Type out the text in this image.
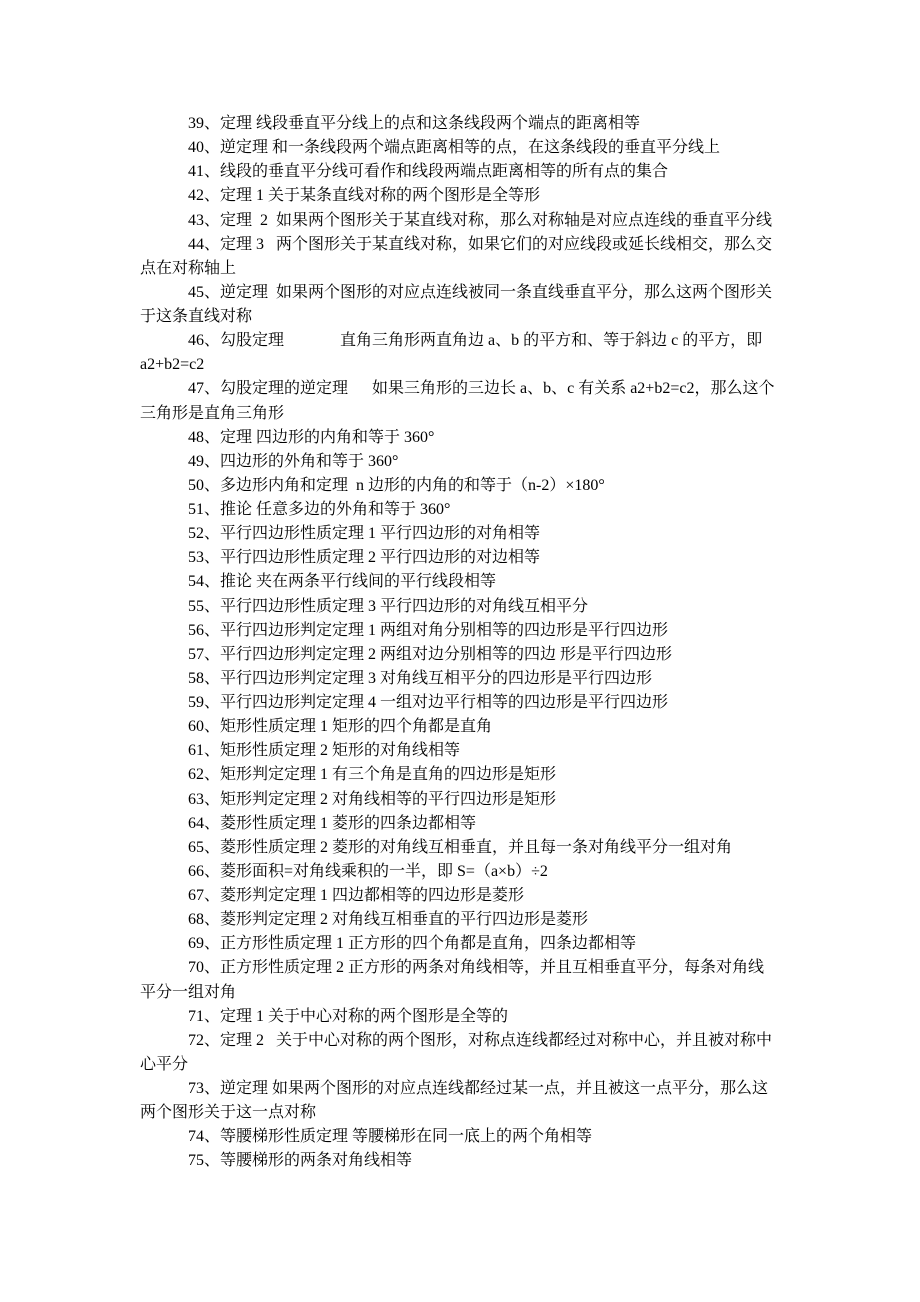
39、定理 线段垂直平分线上的点和这条线段两个端点的距离相等
40、逆定理 和一条线段两个端点距离相等的点，在这条线段的垂直平分线上
41、线段的垂直平分线可看作和线段两端点距离相等的所有点的集合
42、定理 1 关于某条直线对称的两个图形是全等形
43、定理  2  如果两个图形关于某直线对称，那么对称轴是对应点连线的垂直平分线
44、定理 3   两个图形关于某直线对称，如果它们的对应线段或延长线相交，那么交
点在对称轴上
45、逆定理  如果两个图形的对应点连线被同一条直线垂直平分，那么这两个图形关
于这条直线对称
46、勾股定理              直角三角形两直角边 a、b 的平方和、等于斜边 c 的平方，即
a2+b2=c2
47、勾股定理的逆定理      如果三角形的三边长 a、b、c 有关系 a2+b2=c2，那么这个
三角形是直角三角形
48、定理 四边形的内角和等于 360°
49、四边形的外角和等于 360°
50、多边形内角和定理  n 边形的内角的和等于（n-2）×180°
51、推论 任意多边的外角和等于 360°
52、平行四边形性质定理 1 平行四边形的对角相等
53、平行四边形性质定理 2 平行四边形的对边相等
54、推论 夹在两条平行线间的平行线段相等
55、平行四边形性质定理 3 平行四边形的对角线互相平分
56、平行四边形判定定理 1 两组对角分别相等的四边形是平行四边形
57、平行四边形判定定理 2 两组对边分别相等的四边 形是平行四边形
58、平行四边形判定定理 3 对角线互相平分的四边形是平行四边形
59、平行四边形判定定理 4 一组对边平行相等的四边形是平行四边形
60、矩形性质定理 1 矩形的四个角都是直角
61、矩形性质定理 2 矩形的对角线相等
62、矩形判定定理 1 有三个角是直角的四边形是矩形
63、矩形判定定理 2 对角线相等的平行四边形是矩形
64、菱形性质定理 1 菱形的四条边都相等
65、菱形性质定理 2 菱形的对角线互相垂直，并且每一条对角线平分一组对角
66、菱形面积=对角线乘积的一半，即 S=（a×b）÷2
67、菱形判定定理 1 四边都相等的四边形是菱形
68、菱形判定定理 2 对角线互相垂直的平行四边形是菱形
69、正方形性质定理 1 正方形的四个角都是直角，四条边都相等
70、正方形性质定理 2 正方形的两条对角线相等，并且互相垂直平分，每条对角线
平分一组对角
71、定理 1 关于中心对称的两个图形是全等的
72、定理 2   关于中心对称的两个图形，对称点连线都经过对称中心，并且被对称中
心平分
73、逆定理 如果两个图形的对应点连线都经过某一点，并且被这一点平分，那么这
两个图形关于这一点对称
74、等腰梯形性质定理 等腰梯形在同一底上的两个角相等
75、等腰梯形的两条对角线相等
